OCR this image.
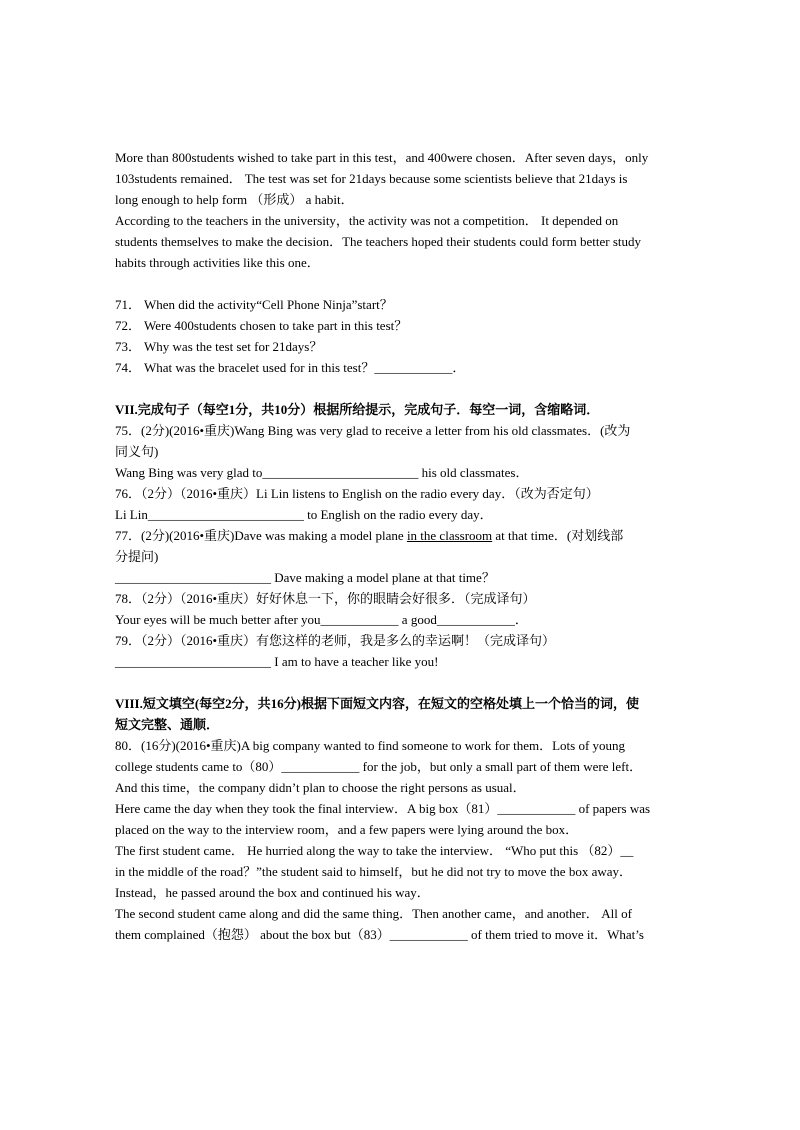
More than 800students wished to take part in this test，and 400were chosen．After seven days，only
103students remained． The test was set for 21days because some scientists believe that 21days is
long enough to help form （形成） a habit．
According to the teachers in the university，the activity was not a competition． It depended on
students themselves to make the decision．The teachers hoped their students could form better study
habits through activities like this one．
71． When did the activity“Cell Phone Ninja”start？
72． Were 400students chosen to take part in this test？
73． Why was the test set for 21days？
74． What was the bracelet used for in this test？____________．
VII.完成句子（每空1分，共10分）根据所给提示，完成句子．每空一词，含缩略词．
75．(2分)(2016•重庆)Wang Bing was very glad to receive a letter from his old classmates．(改为
同义句)
Wang Bing was very glad to________________________ his old classmates．
76．（2分）（2016•重庆）Li Lin listens to English on the radio every day．（改为否定句）
Li Lin________________________ to English on the radio every day．
77．(2分)(2016•重庆)Dave was making a model plane in the classroom at that time．(对划线部
分提问)
________________________ Dave making a model plane at that time？
78．（2分）（2016•重庆）好好休息一下，你的眼睛会好很多．（完成译句）
Your eyes will be much better after you____________ a good____________．
79．（2分）（2016•重庆）有您这样的老师，我是多么的幸运啊！（完成译句）
________________________ I am to have a teacher like you!
VIII.短文填空(每空2分，共16分)根据下面短文内容，在短文的空格处填上一个恰当的词，使
短文完整、通顺．
80．(16分)(2016•重庆)A big company wanted to find someone to work for them．Lots of young
college students came to（80）____________ for the job，but only a small part of them were left．
And this time，the company didn’t plan to choose the right persons as usual．
Here came the day when they took the final interview．A big box（81）____________ of papers was
placed on the way to the interview room，and a few papers were lying around the box．
The first student came． He hurried along the way to take the interview． “Who put this （82）__
in the middle of the road？”the student said to himself，but he did not try to move the box away．
Instead，he passed around the box and continued his way．
The second student came along and did the same thing．Then another came，and another． All of
them complained（抱怨） about the box but（83）____________ of them tried to move it．What’s
